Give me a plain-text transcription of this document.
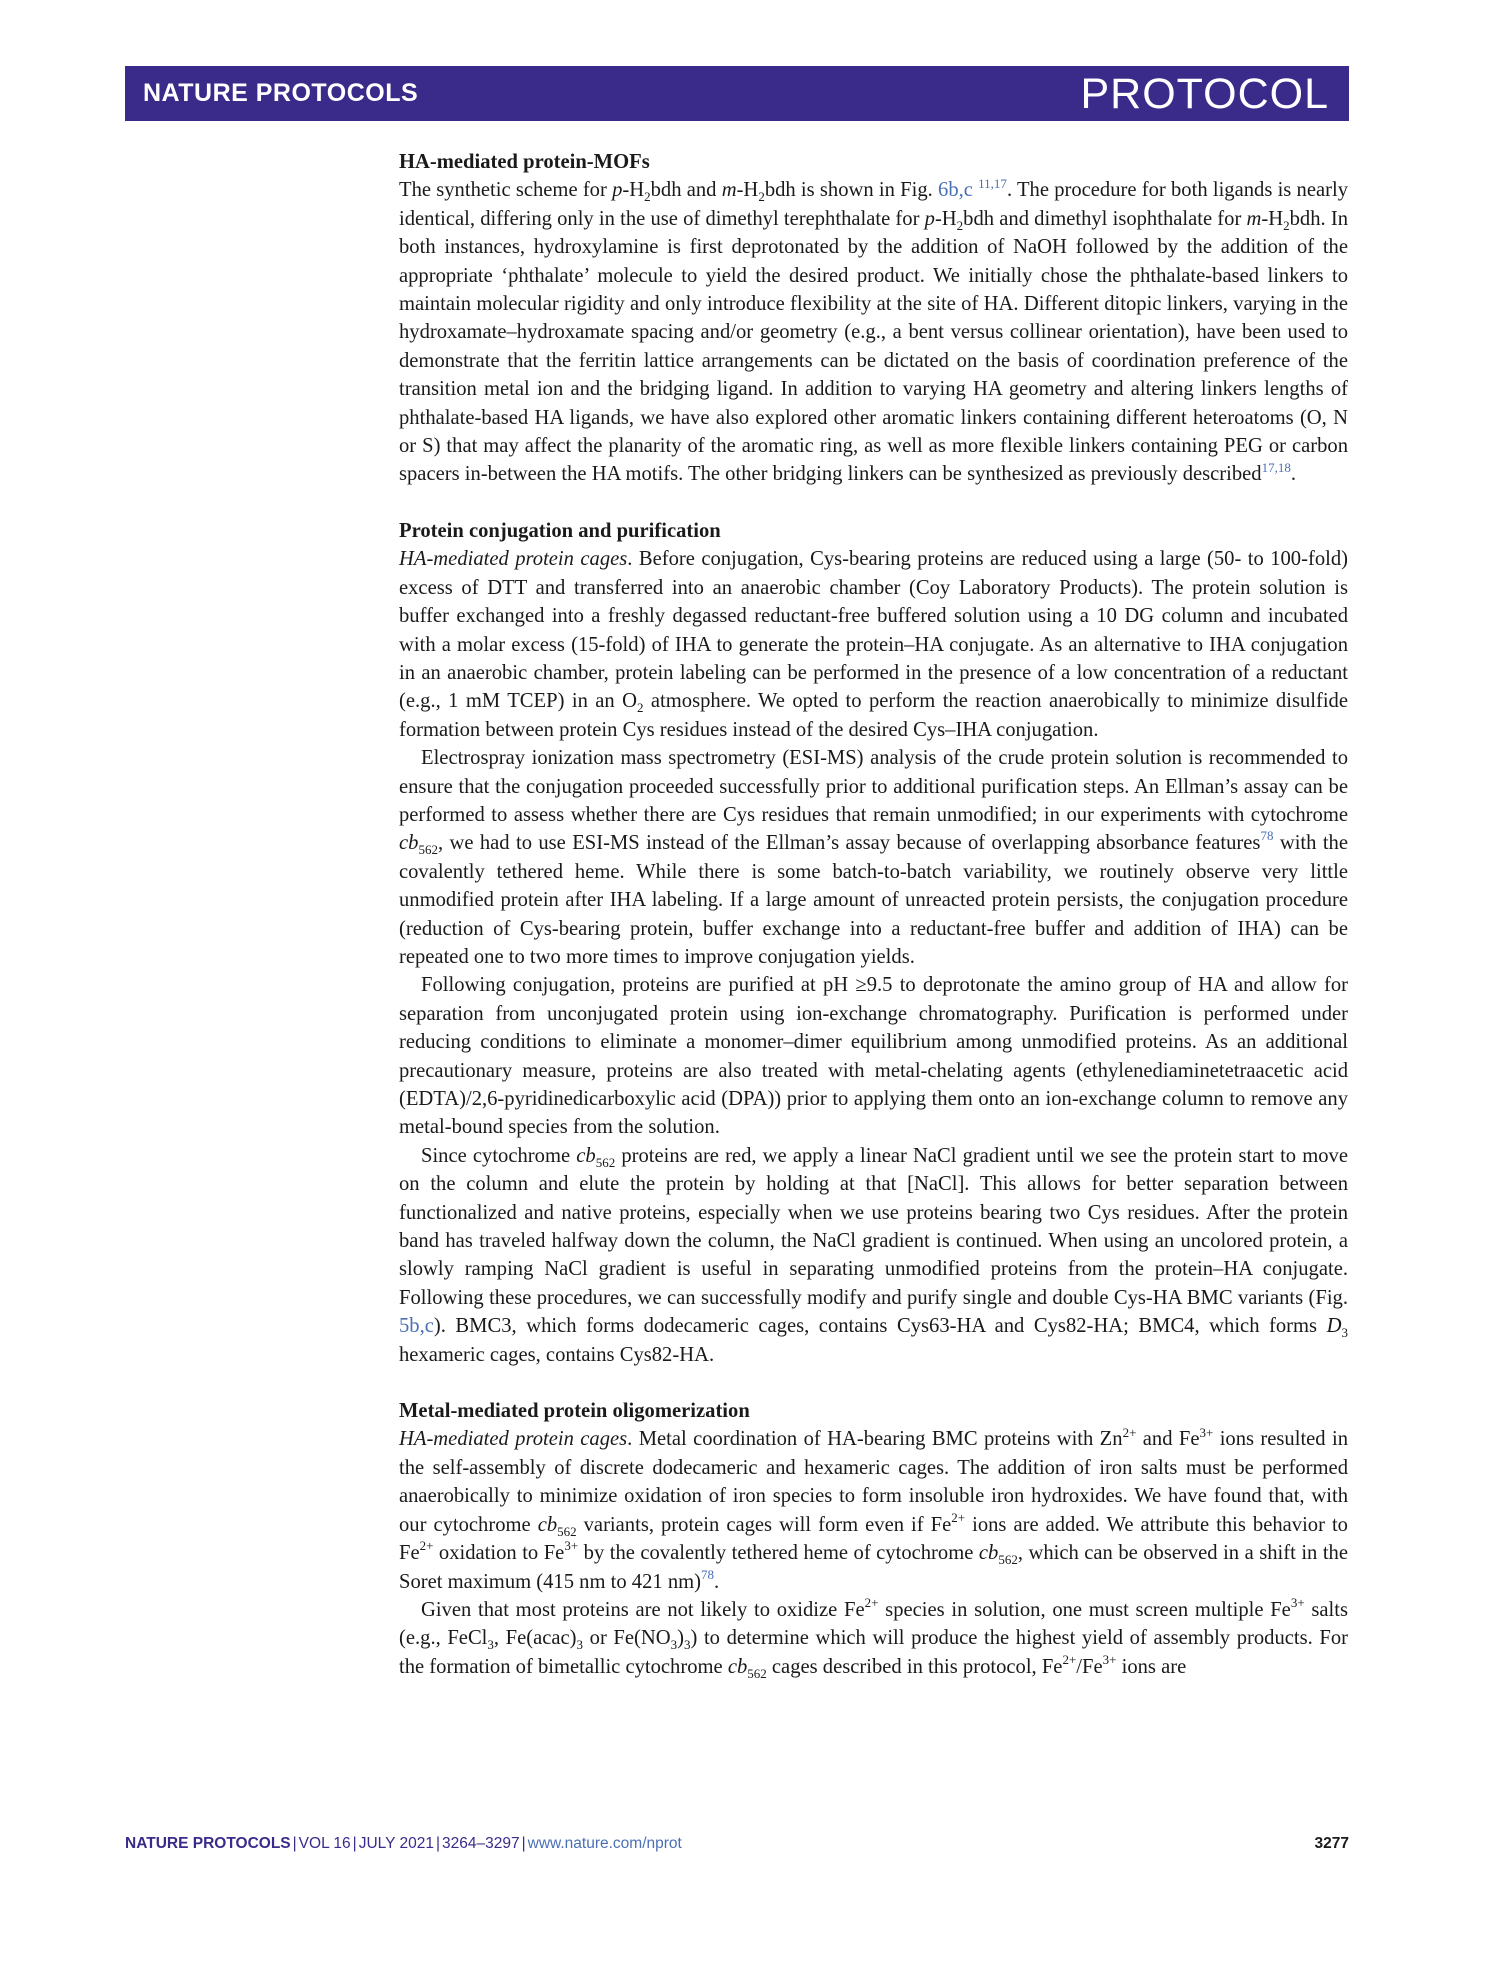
NATURE PROTOCOLS	PROTOCOL
HA-mediated protein-MOFs

The synthetic scheme for $p-H_2bdh$ and $m-H_2bdh$ is shown in Fig. 6b,c $^{11,17}$. The procedure for both ligands is nearly identical, differing only in the use of dimethyl terephthalate for $p-H_2bdh$ and dimethyl isophthalate for $m-H_2bdh$. In both instances, hydroxylamine is first deprotonated by the addition of NaOH followed by the addition of the appropriate ‘phthalate’ molecule to yield the desired product. We initially chose the phthalate-based linkers to maintain molecular rigidity and only introduce flexibility at the site of HA. Different ditopic linkers, varying in the hydroxamate–hydroxamate spacing and/or geometry (e.g., a bent versus collinear orientation), have been used to demonstrate that the ferritin lattice arrangements can be dictated on the basis of coordination preference of the transition metal ion and the bridging ligand. In addition to varying HA geometry and altering linkers lengths of phthalate-based HA ligands, we have also explored other aromatic linkers containing different heteroatoms (O, N or S) that may affect the planarity of the aromatic ring, as well as more flexible linkers containing PEG or carbon spacers in-between the HA motifs. The other bridging linkers can be synthesized as previously described$^{17,18}$.

Protein conjugation and purification

HA-mediated protein cages. Before conjugation, Cys-bearing proteins are reduced using a large (50- to 100-fold) excess of DTT and transferred into an anaerobic chamber (Coy Laboratory Products). The protein solution is buffer exchanged into a freshly degassed reductant-free buffered solution using a 10 DG column and incubated with a molar excess (15-fold) of IHA to generate the protein–HA conjugate. As an alternative to IHA conjugation in an anaerobic chamber, protein labeling can be performed in the presence of a low concentration of a reductant (e.g., 1 mM TCEP) in an $O_2$ atmosphere. We opted to perform the reaction anaerobically to minimize disulfide formation between protein Cys residues instead of the desired Cys–IHA conjugation.

Electrospray ionization mass spectrometry (ESI-MS) analysis of the crude protein solution is recommended to ensure that the conjugation proceeded successfully prior to additional purification steps. An Ellman’s assay can be performed to assess whether there are Cys residues that remain unmodified; in our experiments with cytochrome $cb_{562}$, we had to use ESI-MS instead of the Ellman’s assay because of overlapping absorbance features$^{78}$ with the covalently tethered heme. While there is some batch-to-batch variability, we routinely observe very little unmodified protein after IHA labeling. If a large amount of unreacted protein persists, the conjugation procedure (reduction of Cys-bearing protein, buffer exchange into a reductant-free buffer and addition of IHA) can be repeated one to two more times to improve conjugation yields.

Following conjugation, proteins are purified at pH ≥9.5 to deprotonate the amino group of HA and allow for separation from unconjugated protein using ion-exchange chromatography. Purification is performed under reducing conditions to eliminate a monomer–dimer equilibrium among unmodified proteins. As an additional precautionary measure, proteins are also treated with metal-chelating agents (ethylenediaminetetraacetic acid (EDTA)/2,6-pyridinedicarboxylic acid (DPA)) prior to applying them onto an ion-exchange column to remove any metal-bound species from the solution.

Since cytochrome $cb_{562}$ proteins are red, we apply a linear NaCl gradient until we see the protein start to move on the column and elute the protein by holding at that [NaCl]. This allows for better separation between functionalized and native proteins, especially when we use proteins bearing two Cys residues. After the protein band has traveled halfway down the column, the NaCl gradient is continued. When using an uncolored protein, a slowly ramping NaCl gradient is useful in separating unmodified proteins from the protein–HA conjugate. Following these procedures, we can successfully modify and purify single and double Cys-HA BMC variants (Fig. 5b,c). BMC3, which forms dodecameric cages, contains Cys63-HA and Cys82-HA; BMC4, which forms $D_3$ hexameric cages, contains Cys82-HA.

Metal-mediated protein oligomerization

HA-mediated protein cages. Metal coordination of HA-bearing BMC proteins with $Zn^{2+}$ and $Fe^{3+}$ ions resulted in the self-assembly of discrete dodecameric and hexameric cages. The addition of iron salts must be performed anaerobically to minimize oxidation of iron species to form insoluble iron hydroxides. We have found that, with our cytochrome $cb_{562}$ variants, protein cages will form even if $Fe^{2+}$ ions are added. We attribute this behavior to $Fe^{2+}$ oxidation to $Fe^{3+}$ by the covalently tethered heme of cytochrome $cb_{562}$, which can be observed in a shift in the Soret maximum (415 nm to 421 nm)$^{78}$.

Given that most proteins are not likely to oxidize $Fe^{2+}$ species in solution, one must screen multiple $Fe^{3+}$ salts (e.g., FeCl$_3$, $Fe(acac)_3$ or $Fe(NO_3)_3$) to determine which will produce the highest yield of assembly products. For the formation of bimetallic cytochrome $cb_{562}$ cages described in this protocol, $Fe^{2+}/Fe^{3+}$ ions are

NATURE PROTOCOLS | VOL 16 | JULY 2021 | 3264–3297 | www.nature.com/nprot	3277
